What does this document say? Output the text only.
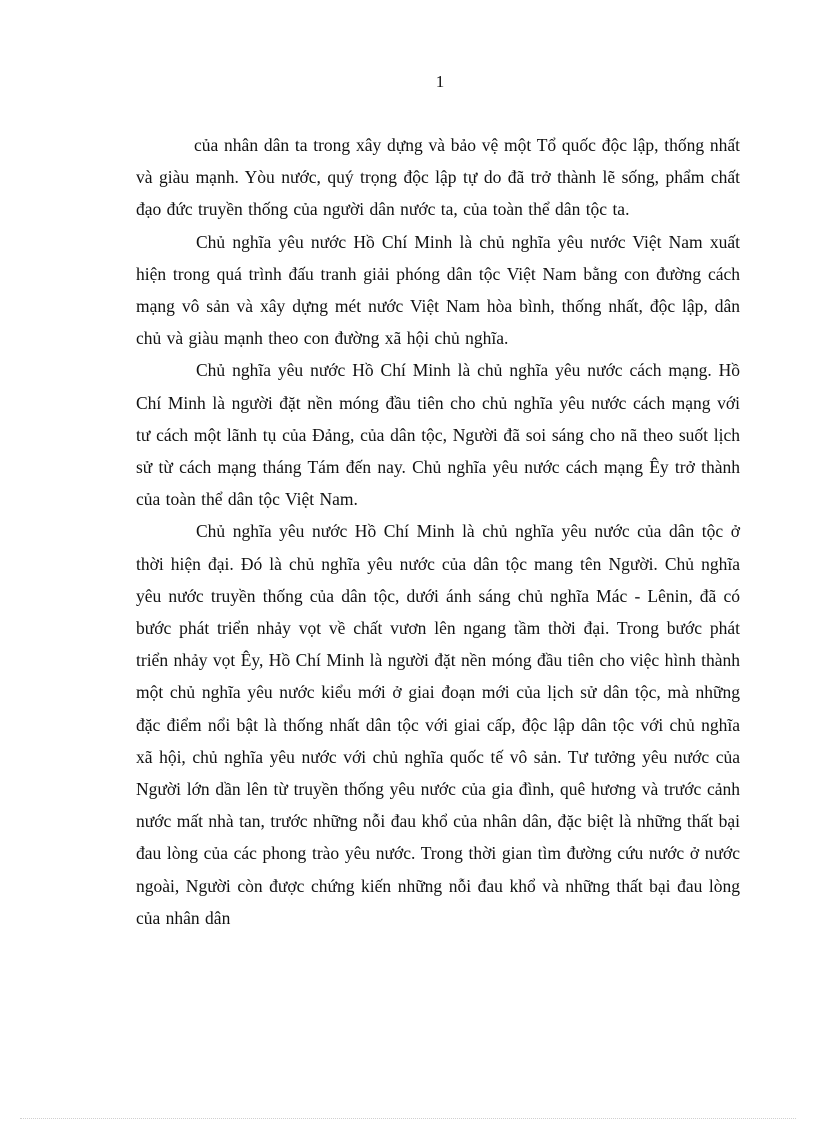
1

của nhân dân ta trong xây dựng và bảo vệ một Tổ quốc độc lập, thống nhất và giàu mạnh. Yòu nước, quý trọng độc lập tự do đã trở thành lẽ sống, phẩm chất đạo đức truyền thống của người dân nước ta, của toàn thể dân tộc ta.

Chủ nghĩa yêu nước Hồ Chí Minh là chủ nghĩa yêu nước Việt Nam xuất hiện trong quá trình đấu tranh giải phóng dân tộc Việt Nam bằng con đường cách mạng vô sản và xây dựng mét nước Việt Nam hòa bình, thống nhất, độc lập, dân chủ và giàu mạnh theo con đường xã hội chủ nghĩa.

Chủ nghĩa yêu nước Hồ Chí Minh là chủ nghĩa yêu nước cách mạng. Hồ Chí Minh là người đặt nền móng đầu tiên cho chủ nghĩa yêu nước cách mạng với tư cách một lãnh tụ của Đảng, của dân tộc, Người đã soi sáng cho nã theo suốt lịch sử từ cách mạng tháng Tám đến nay. Chủ nghĩa yêu nước cách mạng Êy trở thành của toàn thể dân tộc Việt Nam.

Chủ nghĩa yêu nước Hồ Chí Minh là chủ nghĩa yêu nước của dân tộc ở thời hiện đại. Đó là chủ nghĩa yêu nước của dân tộc mang tên Người. Chủ nghĩa yêu nước truyền thống của dân tộc, dưới ánh sáng chủ nghĩa Mác - Lênin, đã có bước phát triển nhảy vọt về chất vươn lên ngang tầm thời đại. Trong bước phát triển nhảy vọt Êy, Hồ Chí Minh là người đặt nền móng đầu tiên cho việc hình thành một chủ nghĩa yêu nước kiểu mới ở giai đoạn mới của lịch sử dân tộc, mà những đặc điểm nổi bật là thống nhất dân tộc với giai cấp, độc lập dân tộc với chủ nghĩa xã hội, chủ nghĩa yêu nước với chủ nghĩa quốc tế vô sản. Tư tưởng yêu nước của Người lớn dần lên từ truyền thống yêu nước của gia đình, quê hương và trước cảnh nước mất nhà tan, trước những nỗi đau khổ của nhân dân, đặc biệt là những thất bại đau lòng của các phong trào yêu nước. Trong thời gian tìm đường cứu nước ở nước ngoài, Người còn được chứng kiến những nỗi đau khổ và những thất bại đau lòng của nhân dân
